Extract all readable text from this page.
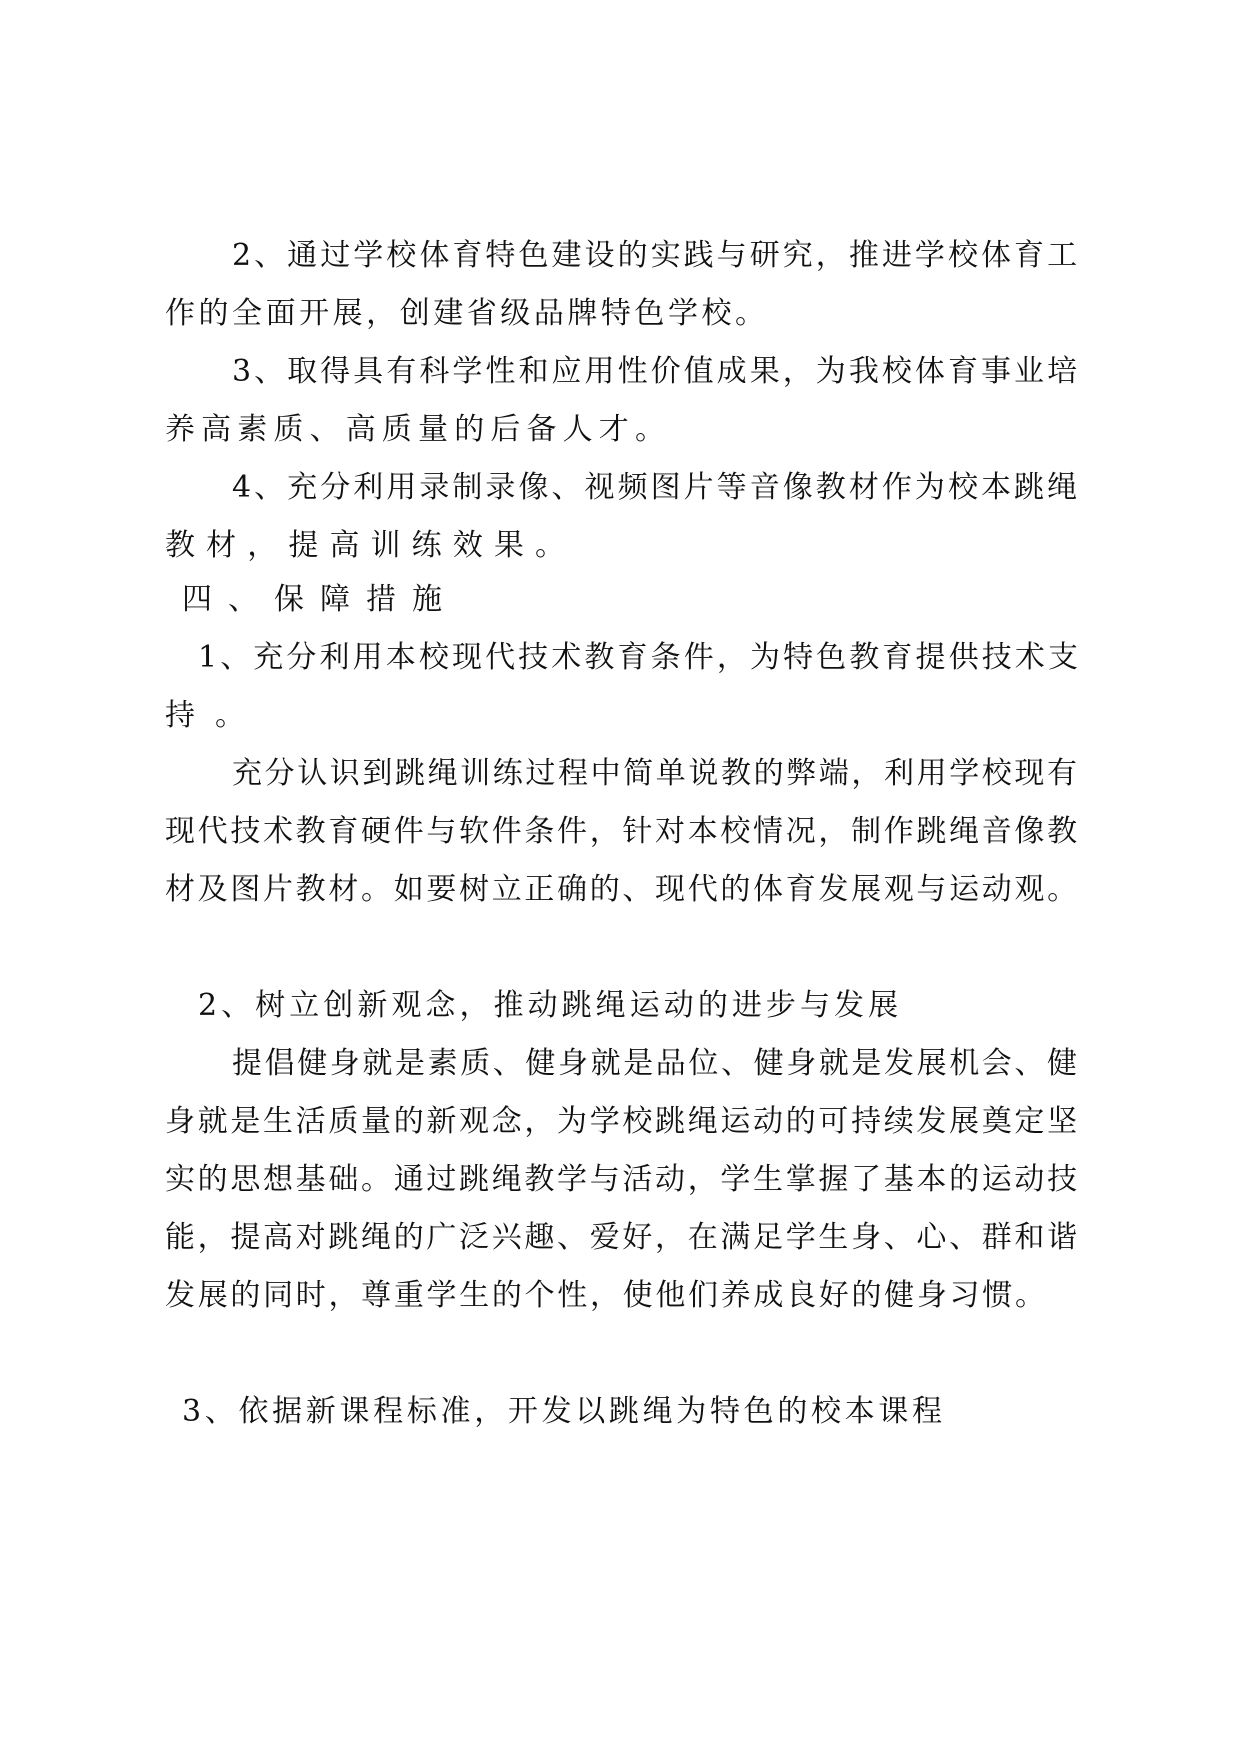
2、通过学校体育特色建设的实践与研究，推进学校体育工
作的全面开展，创建省级品牌特色学校。
3、取得具有科学性和应用性价值成果，为我校体育事业培
养高素质、高质量的后备人才。
4、充分利用录制录像、视频图片等音像教材作为校本跳绳
教材，提高训练效果。
四、保障措施
1、充分利用本校现代技术教育条件，为特色教育提供技术支
持。
充分认识到跳绳训练过程中简单说教的弊端，利用学校现有
现代技术教育硬件与软件条件，针对本校情况，制作跳绳音像教
材及图片教材。如要树立正确的、现代的体育发展观与运动观。
2、树立创新观念，推动跳绳运动的进步与发展
提倡健身就是素质、健身就是品位、健身就是发展机会、健
身就是生活质量的新观念，为学校跳绳运动的可持续发展奠定坚
实的思想基础。通过跳绳教学与活动，学生掌握了基本的运动技
能，提高对跳绳的广泛兴趣、爱好，在满足学生身、心、群和谐
发展的同时，尊重学生的个性，使他们养成良好的健身习惯。
3、依据新课程标准，开发以跳绳为特色的校本课程
